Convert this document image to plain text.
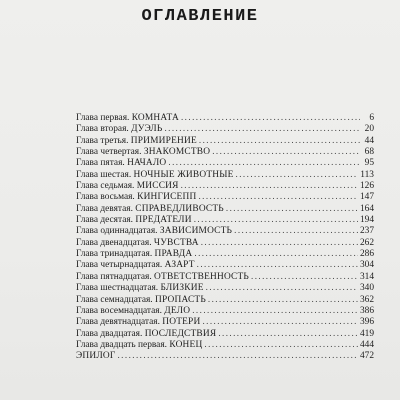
ОГЛАВЛЕНИЕ
Глава первая. КОМНАТА . . .	6
Глава вторая. ДУЭЛЬ . . .	20
Глава третья. ПРИМИРЕНИЕ . . .	44
Глава четвертая. ЗНАКОМСТВО . . .	68
Глава пятая. НАЧАЛО . . .	95
Глава шестая. НОЧНЫЕ ЖИВОТНЫЕ . . .	113
Глава седьмая. МИССИЯ . . .	126
Глава восьмая. КИНГИСЕПП . . .	147
Глава девятая. СПРАВЕДЛИВОСТЬ . . .	164
Глава десятая. ПРЕДАТЕЛИ . . .	194
Глава одиннадцатая. ЗАВИСИМОСТЬ . . .	237
Глава двенадцатая. ЧУВСТВА . . .	262
Глава тринадцатая. ПРАВДА . . .	286
Глава четырнадцатая. АЗАРТ . . .	304
Глава пятнадцатая. ОТВЕТСТВЕННОСТЬ . . .	314
Глава шестнадцатая. БЛИЗКИЕ . . .	340
Глава семнадцатая. ПРОПАСТЬ . . .	362
Глава восемнадцатая. ДЕЛО . . .	386
Глава девятнадцатая. ПОТЕРИ . . .	396
Глава двадцатая. ПОСЛЕДСТВИЯ . . .	419
Глава двадцать первая. КОНЕЦ . . .	444
ЭПИЛОГ . . .	472
